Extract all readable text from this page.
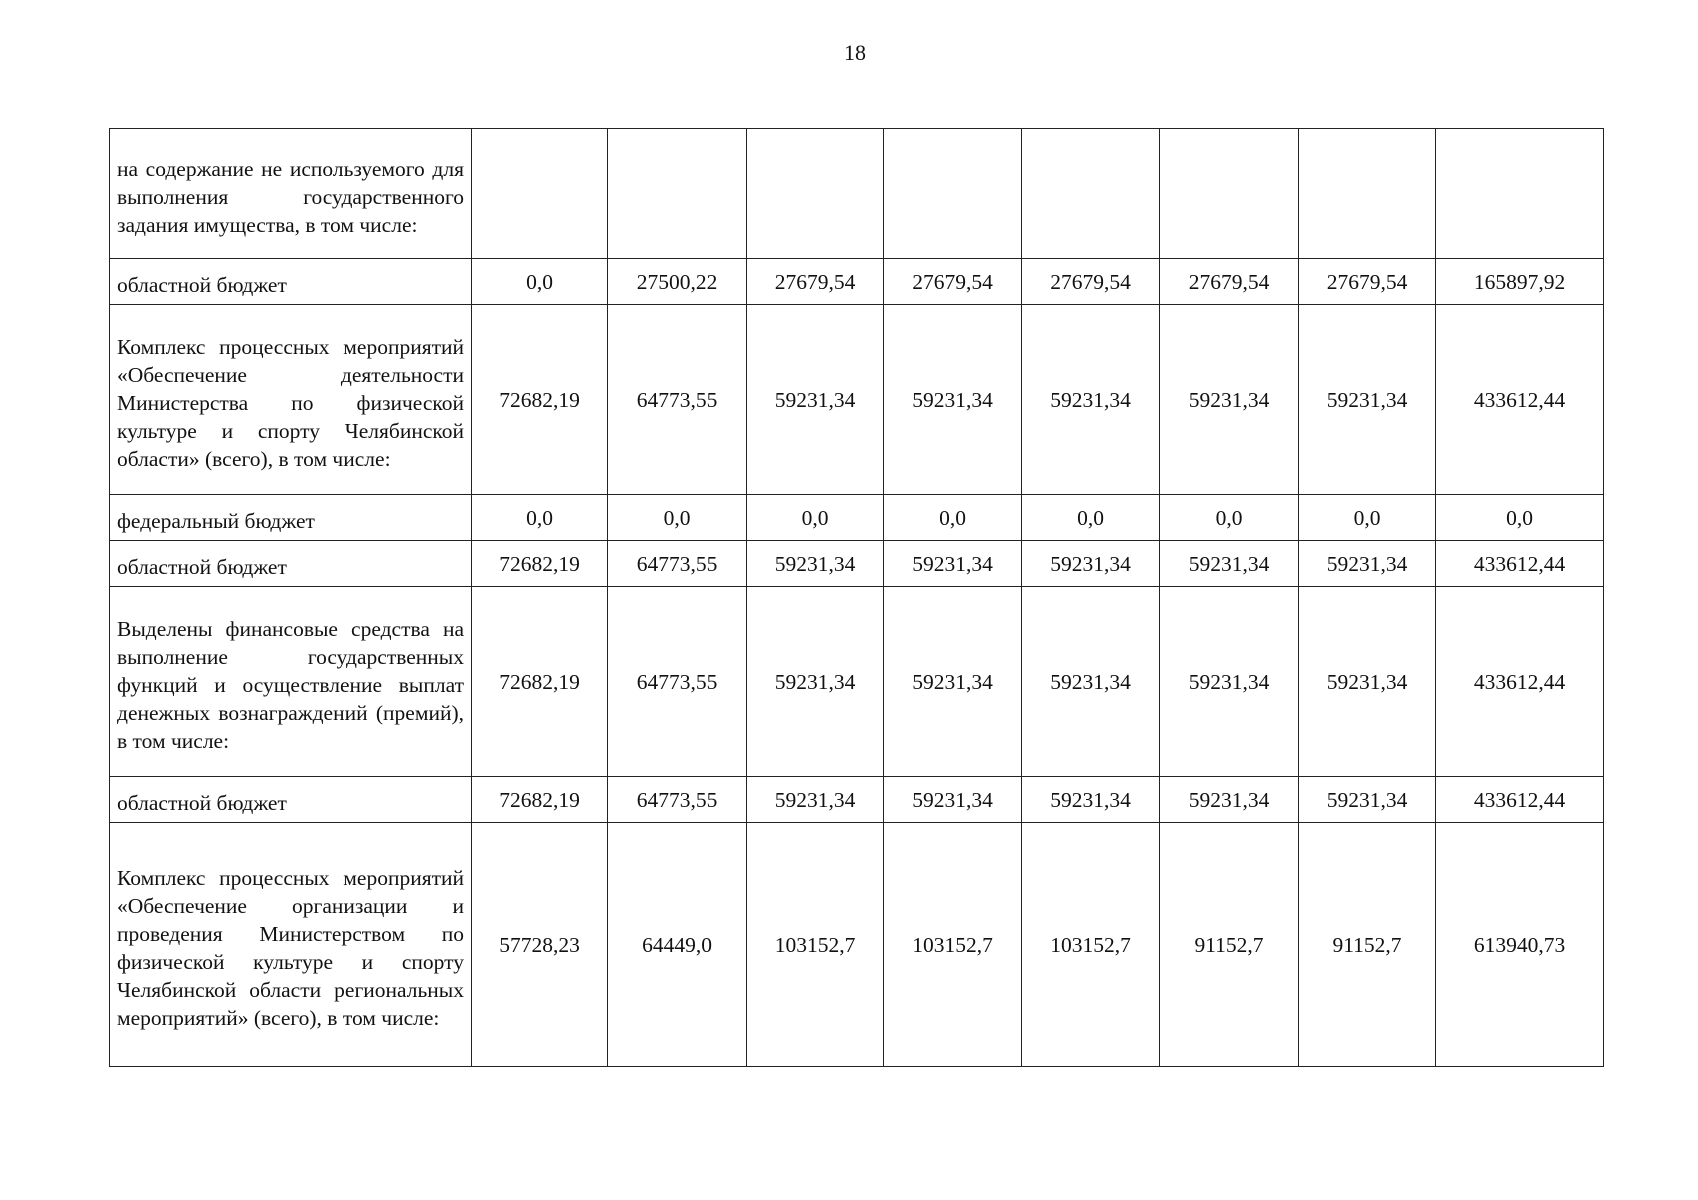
18
на содержание не используемого для выполнения государственного задания имущества, в том числе:								
областной бюджет	0,0	27500,22	27679,54	27679,54	27679,54	27679,54	27679,54	165897,92
Комплекс процессных мероприятий «Обеспечение деятельности Министерства по физической культуре и спорту Челябинской области» (всего), в том числе:	72682,19	64773,55	59231,34	59231,34	59231,34	59231,34	59231,34	433612,44
федеральный бюджет	0,0	0,0	0,0	0,0	0,0	0,0	0,0	0,0
областной бюджет	72682,19	64773,55	59231,34	59231,34	59231,34	59231,34	59231,34	433612,44
Выделены финансовые средства на выполнение государственных функций и осуществление выплат денежных вознаграждений (премий), в том числе:	72682,19	64773,55	59231,34	59231,34	59231,34	59231,34	59231,34	433612,44
областной бюджет	72682,19	64773,55	59231,34	59231,34	59231,34	59231,34	59231,34	433612,44
Комплекс процессных мероприятий «Обеспечение организации и проведения Министерством по физической культуре и спорту Челябинской области региональных мероприятий» (всего), в том числе:	57728,23	64449,0	103152,7	103152,7	103152,7	91152,7	91152,7	613940,73
